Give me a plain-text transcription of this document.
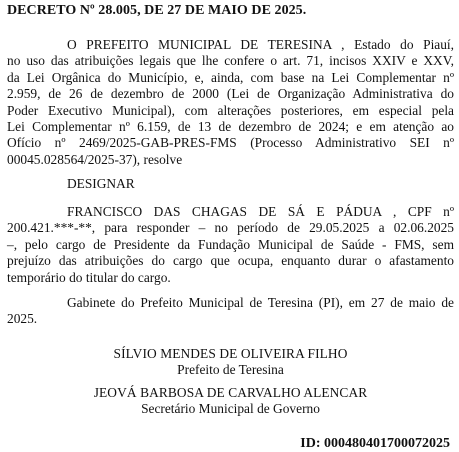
DECRETO Nº 28.005, DE 27 DE MAIO DE 2025.
O PREFEITO MUNICIPAL DE TERESINA , Estado do Piauí,
no uso das atribuições legais que lhe confere o art. 71, incisos XXIV e XXV,
da Lei Orgânica do Município, e, ainda, com base na Lei Complementar nº
2.959, de 26 de dezembro de 2000 (Lei de Organização Administrativa do
Poder Executivo Municipal), com alterações posteriores, em especial pela
Lei Complementar nº 6.159, de 13 de dezembro de 2024; e em atenção ao
Ofício nº 2469/2025-GAB-PRES-FMS (Processo Administrativo SEI nº
00045.028564/2025-37), resolve
DESIGNAR
FRANCISCO DAS CHAGAS DE SÁ E PÁDUA , CPF nº
200.421.***-**, para responder – no período de 29.05.2025 a 02.06.2025
–, pelo cargo de Presidente da Fundação Municipal de Saúde - FMS, sem
prejuízo das atribuições do cargo que ocupa, enquanto durar o afastamento
temporário do titular do cargo.
Gabinete do Prefeito Municipal de Teresina (PI), em 27 de maio de
2025.
SÍLVIO MENDES DE OLIVEIRA FILHO
Prefeito de Teresina
JEOVÁ BARBOSA DE CARVALHO ALENCAR
Secretário Municipal de Governo
ID: 0004804017000720​25
